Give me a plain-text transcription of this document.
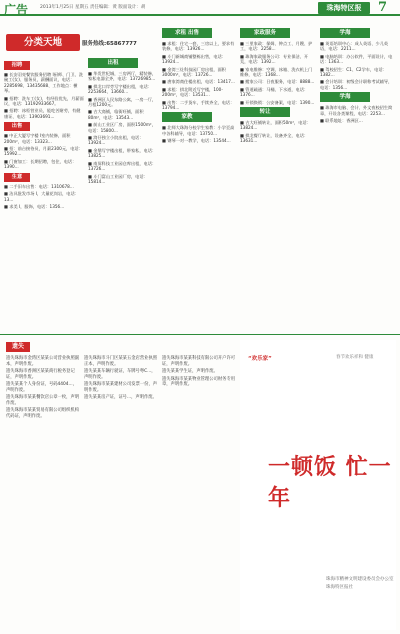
广告	2013年1月25日 星期五 责任编辑：黄 版面设计：胡	珠海特区报	7
分类天地	服务热线:65867777
招聘

■ 长安羽亮餐饮服务招聘 I厨师、门卫、洗碗工(女)、服务员，薪酬面议，电话：2285698、13435688、工作地点：横琴。

■ 招聘：洗车工(女)，有经验优先，月薪面议，电话：13192933667。

■ 招聘：冰柜营业员，能吃苦耐劳，有健康证、电话：13903691...

出售

■ 中正大厦写字楼 I室内装修，面积200m²，电话：13323...

■ 招：前台接待员，月薪2300元，电话：15992...

■ 门窗加工：长期招聘，包住，电话：1390...

生意

■ 二手旧车出售：电话：1310678...

■ 洁具批发市场 I，大量花岗岩，电话：13...

■ 求美 I，服饰，电话：1356...

出租

■ 华发世纪城，三房两厅，精装修，家私电器全齐，电话：13726985...

■ 拱北口岸旁写字楼出租，电话：2253664、13660...

■ 香洲区人民东路公寓，一房一厅，月租1200元。

■ 吉大商铺，临街旺铺，面积80m²，电话：13543...

■ 前山工业区厂房，面积1500m²，电话：15800...

■ 湾仔独立小院出租，电话：13924...

■ 金鼎写字楼出租，带家私，电话：13825...

■ 南屏科技工业园仓库出租，电话：13726...

■ 斗门富山工业园厂房，电话：15814...

求租 出售

■ 求租：住宅一套，三房以上，要求有装修，电话：13926...

■ 斗门新城商铺整栋出售，电话：13924...

■ 金湾三灶科技园厂房出租，面积3000m²，电话：13726...

■ 唐家湾商住楼出租，电话：13417...

■ 求租：拱北附近写字楼，100-200m²，电话：13531...

■ 出售：二手货车，手续齐全，电话：13794...

家教

■ 北师大珠海分校学生家教：小学至高中各科辅导，电话：13750...

■ 钢琴一对一教学，电话：13544...

家政服务

■ 三里家政：保姆、钟点工、月嫂、护工，电话：2258...

■ 珠海家政服务公司：专业保洁、开荒，电话：1392...

■ 家电维修：空调、冰箱、洗衣机上门维修，电话：1368...

■ 搬家公司：日夜服务，电话：8888...

■ 管道疏通：马桶、下水道，电话：1376...

■ 开锁换锁：公安备案，电话：1390...

转让

■ 吉大旺铺转让，面积50m²，电话：13824...

■ 拱北餐厅转让，设备齐全，电话：13631...

学海

■ 英语培训中心：成人英语、少儿英语，电话：2211...

■ 电脑培训：办公软件，平面设计，电话：1363...

■ 驾校招生：C1、C2学车，电话：1382...

■ 会计培训：初级会计职称考试辅导，电话：1356...

学海

■ 珠海市电脑、会计、外文夜校招生简章，开设各类课程，电话：2253...

■ 联系地址：香洲区...

遗失

遗失珠海市金湾区某某公司营业执照副本，声明作废。

遗失珠海市香洲区某某商行税务登记证，声明作废。

遗失某某个人身份证，号码4404...，声明作废。

遗失珠海市某某餐饮店公章一枚，声明作废。

遗失珠海市某某贸易有限公司组织机构代码证，声明作废。

遗失珠海市斗门区某某五金店营业执照正本，声明作废。

遗失某某车辆行驶证，车牌号粤C...，声明作废。

遗失珠海市某某建材公司发票一份，声明作废。

遗失某某房产证，证号...，声明作废。

遗失珠海市某某科技有限公司开户许可证，声明作废。

遗失某某学生证，声明作废。

遗失珠海市某某物业管理公司财务专用章，声明作废。

“欢乐家”	春节欢乐祥和 健康
一顿饭 忙一年
珠海市精神文明建设委员会办公室
珠海特区报社
